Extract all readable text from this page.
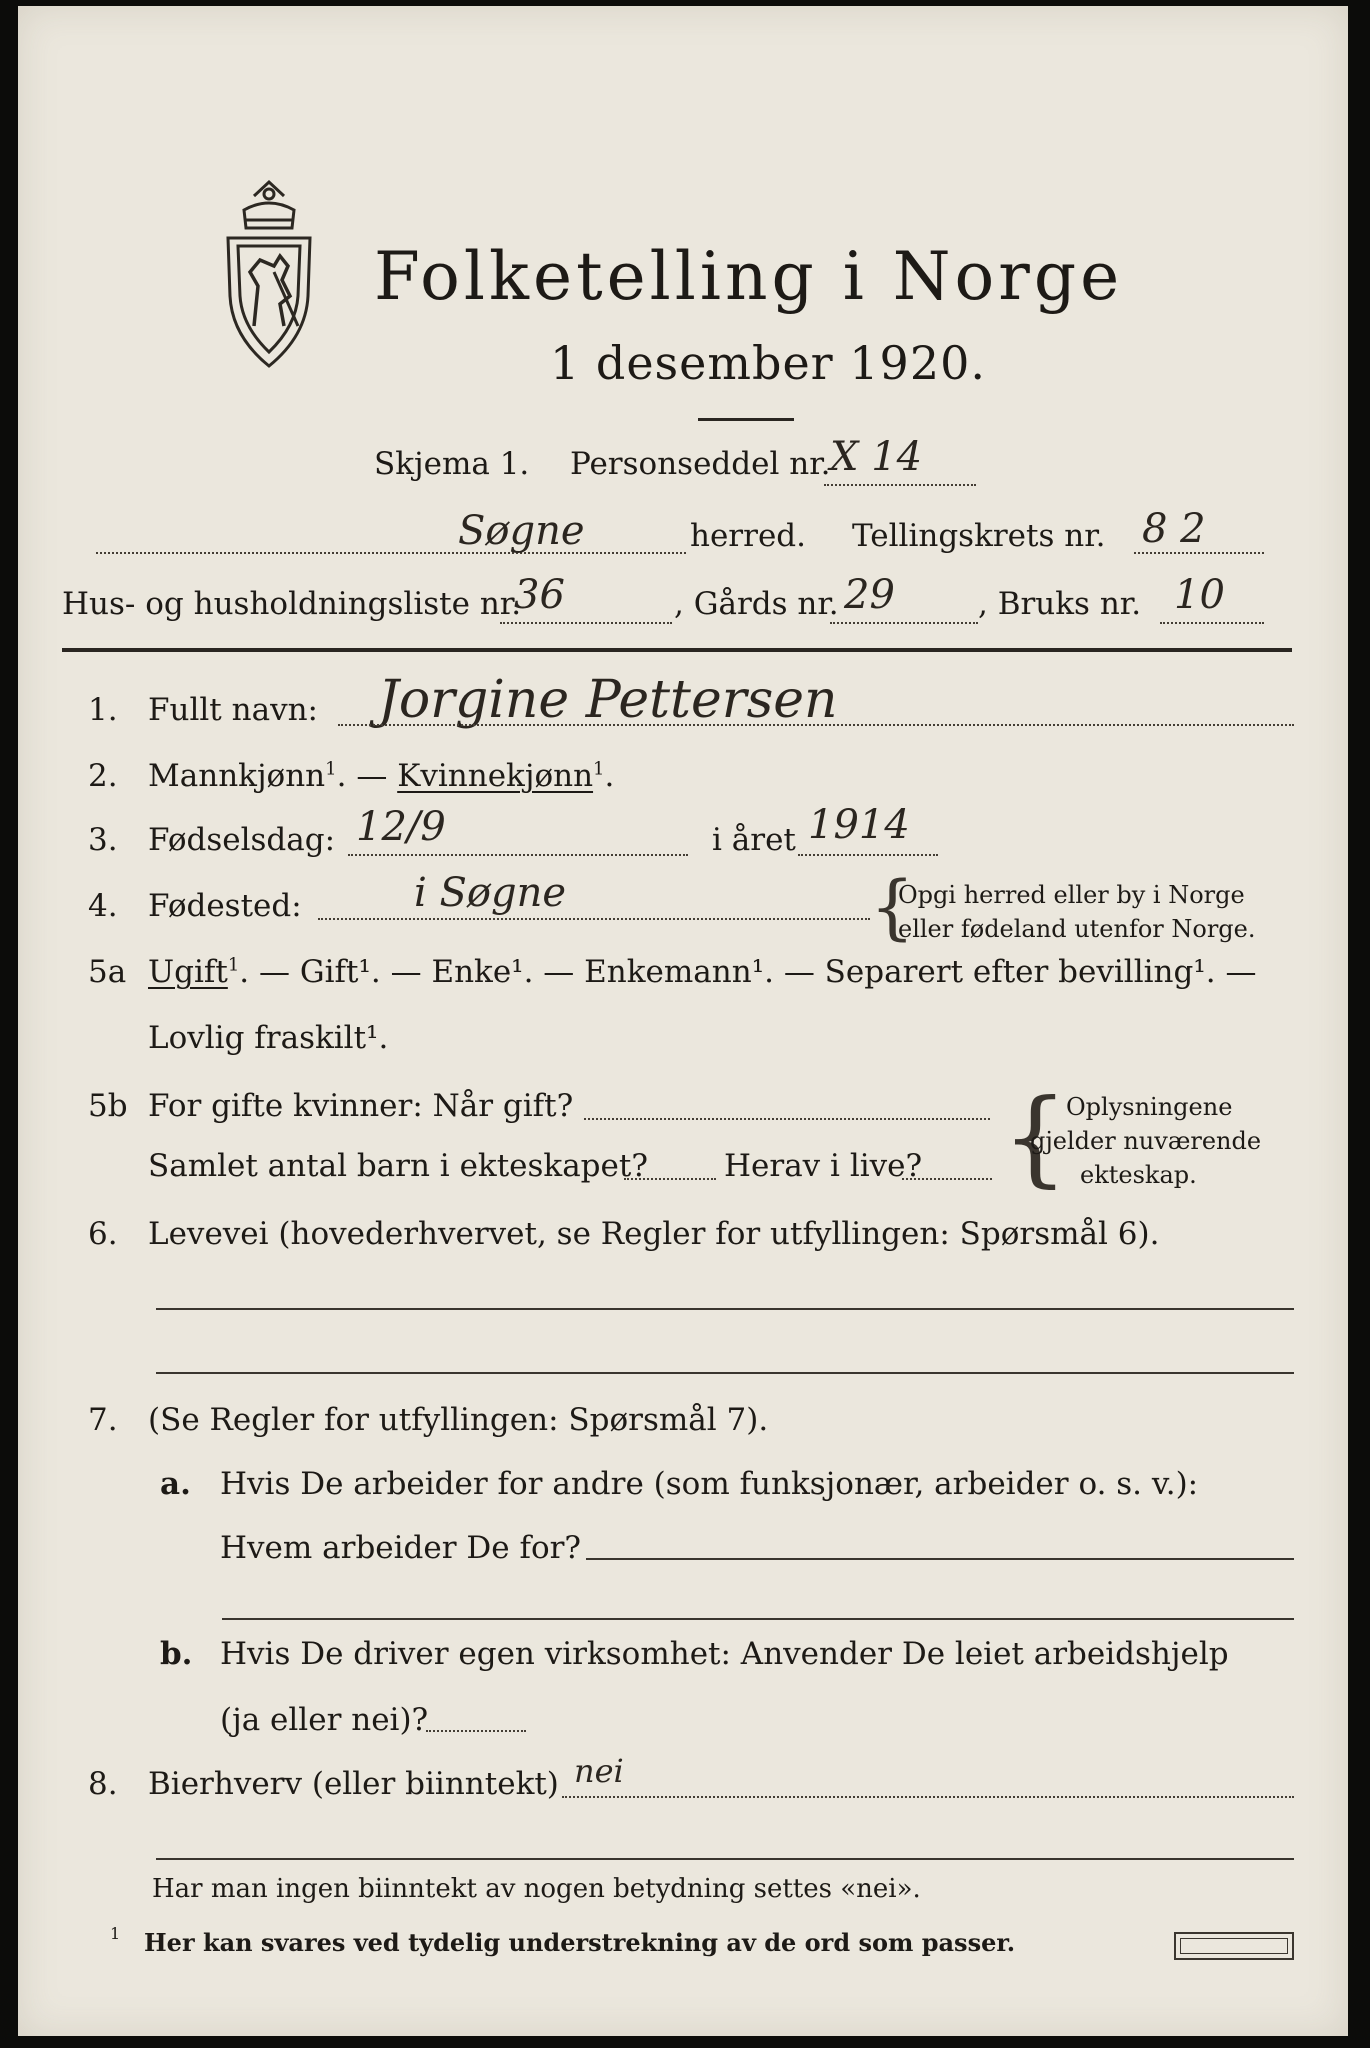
Folketelling i Norge
1 desember 1920.
Skjema 1. Personseddel nr. X 14
Søgne	herred. Tellingskrets nr. 8 2
Hus- og husholdningsliste nr.
36	, Gårds nr. 29	, Bruks nr. 10
1. Fullt navn: Jorgine Pettersen
2. Mannkjønn$^1$. — Kvinnekjønn$^1$.
3. Fødselsdag: 12/9	i året 1914
4. Fødested:	i Søgne	{
Opgi herred eller by i Norge
eller fødeland utenfor Norge.
5a Ugift$^1$. — Gift¹. — Enke¹. — Enkemann¹. — Separert efter bevilling¹. —
Lovlig fraskilt¹.
5b For gifte kvinner: Når gift?
Samlet antal barn i ekteskapet? Herav i live? {
Oplysningene
gjelder nuværende
ekteskap.
6. Levevei (hovederhvervet, se Regler for utfyllingen: Spørsmål 6).
7. (Se Regler for utfyllingen: Spørsmål 7).
a. Hvis De arbeider for andre (som funksjonær, arbeider o. s. v.):
Hvem arbeider De for?
b. Hvis De driver egen virksomhet: Anvender De leiet arbeidshjelp
(ja eller nei)?
8. Bierhverv (eller biinntekt) nei
Har man ingen biinntekt av nogen betydning settes «nei».
1 Her kan svares ved tydelig understrekning av de ord som passer.
